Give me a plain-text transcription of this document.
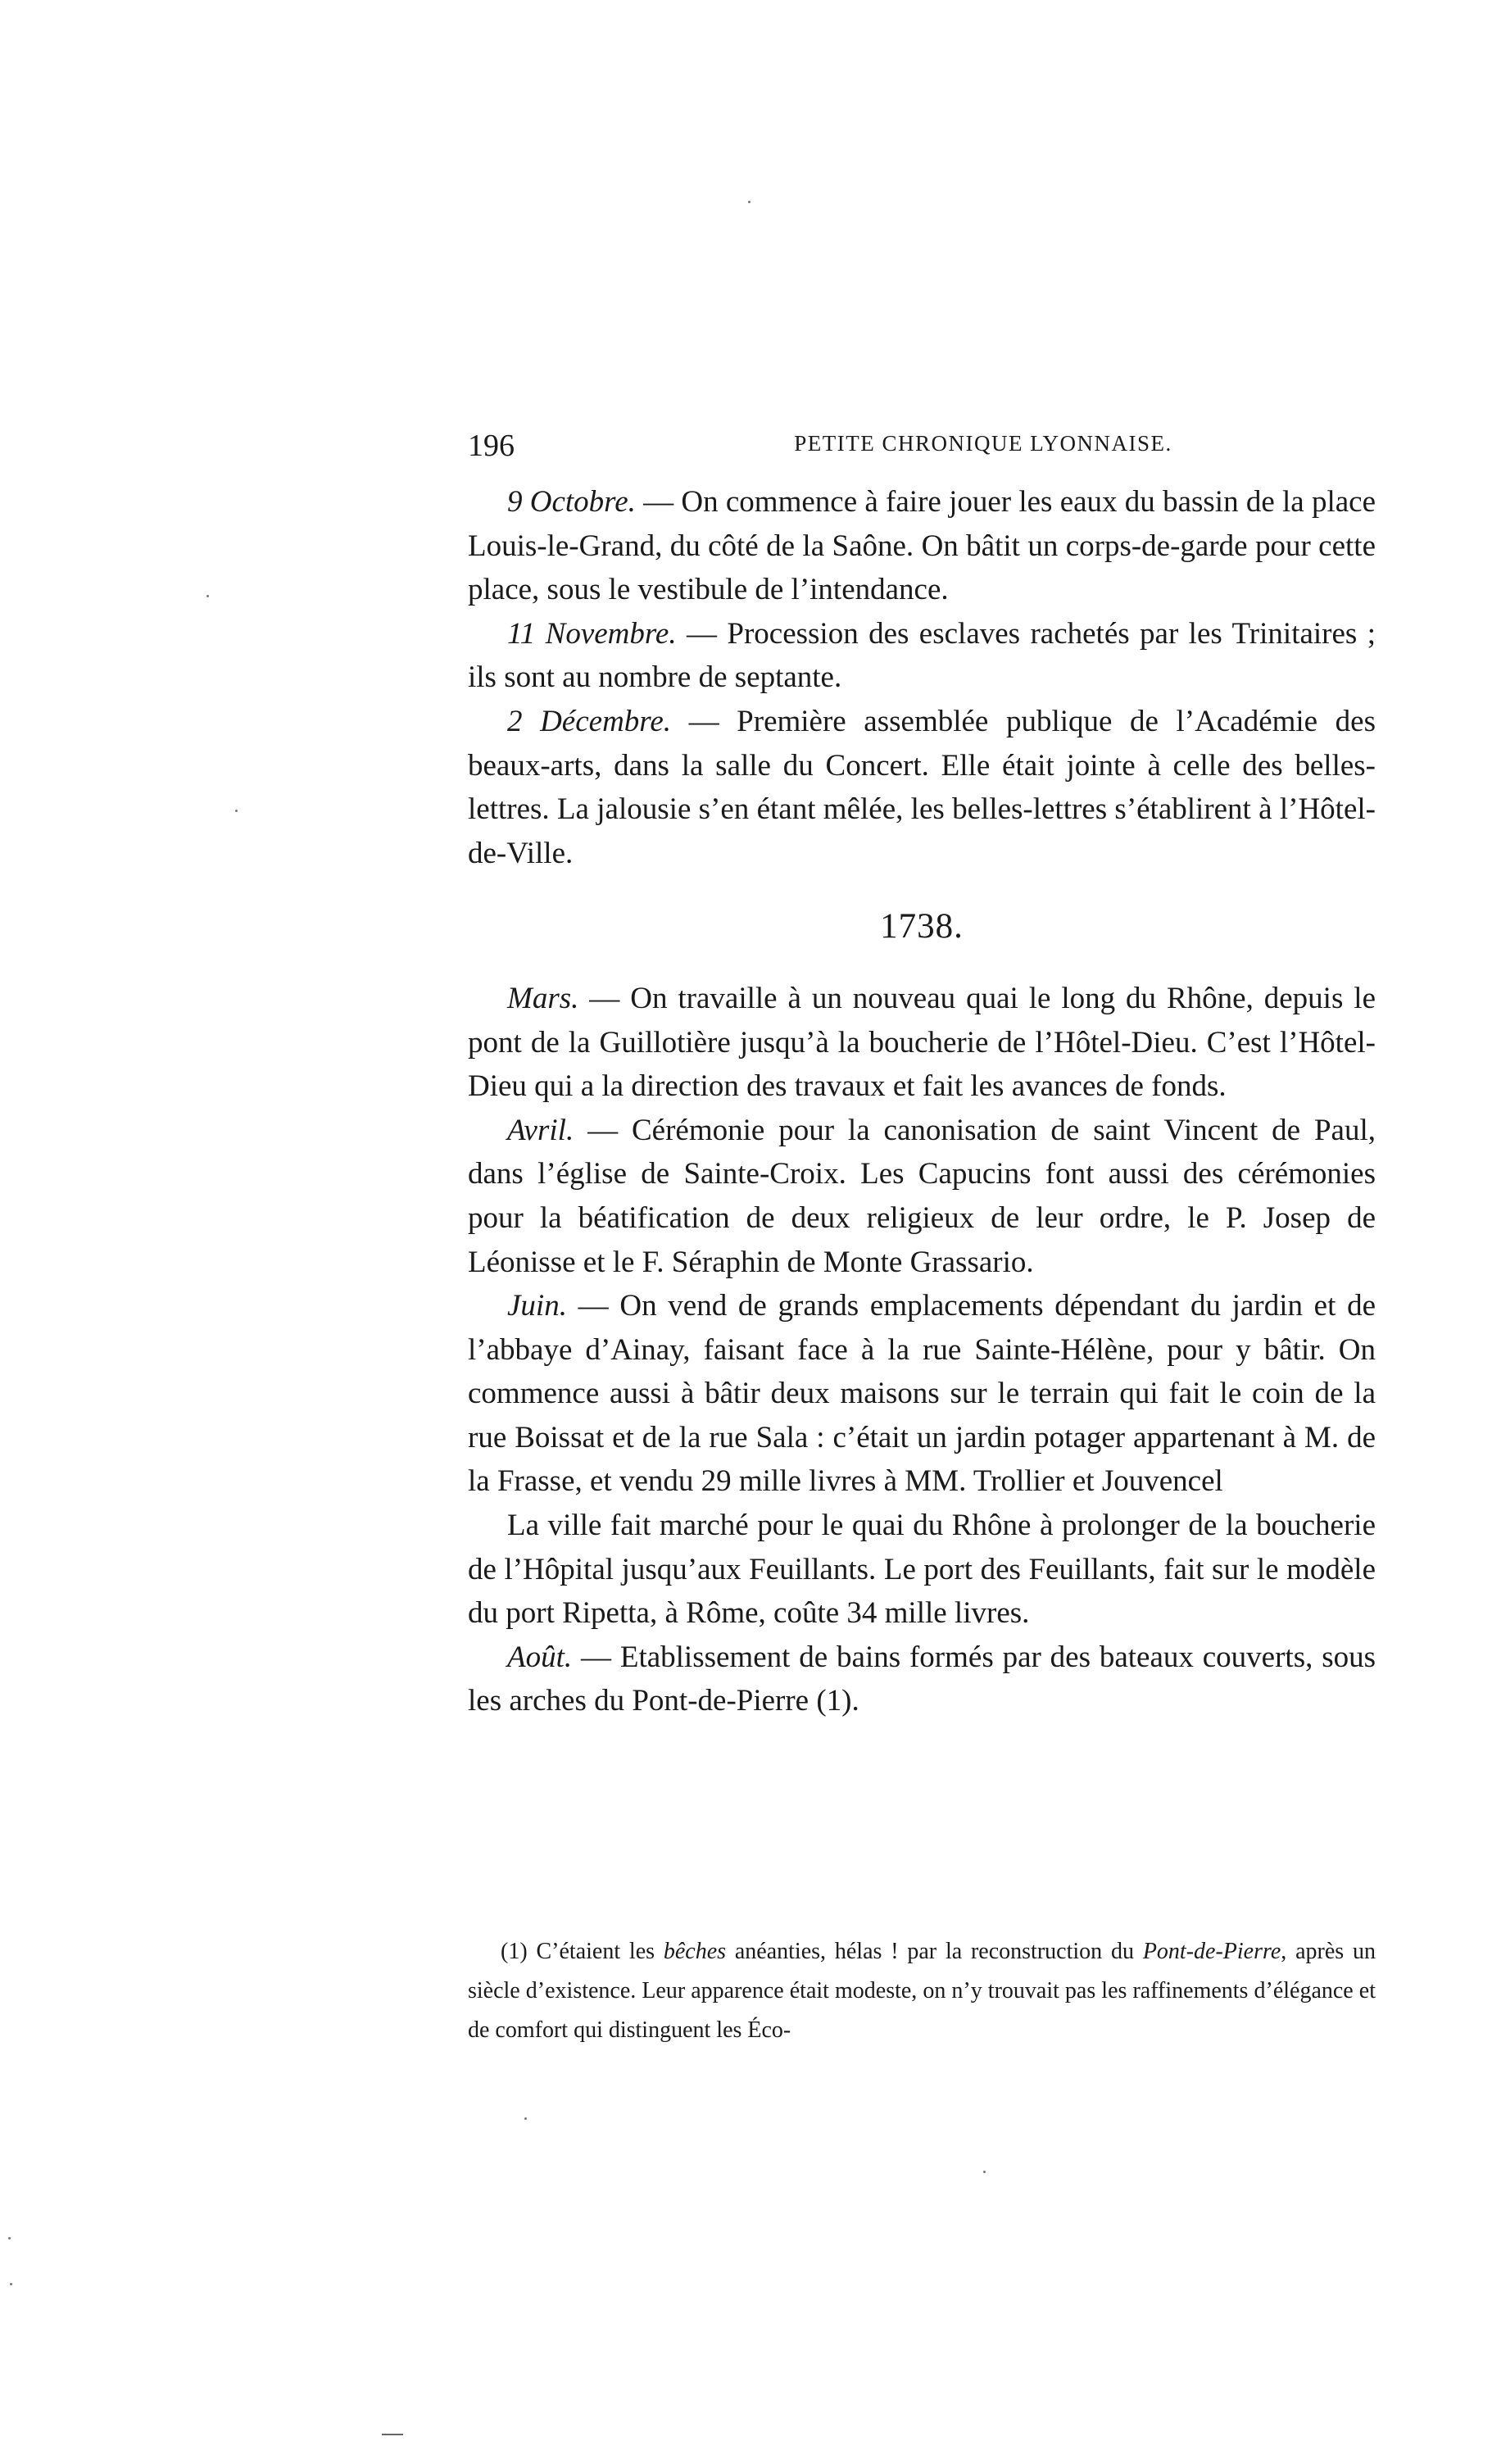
196	PETITE CHRONIQUE LYONNAISE.

9 Octobre. — On commence à faire jouer les eaux du bassin de la place Louis-le-Grand, du côté de la Saône. On bâtit un corps-de-garde pour cette place, sous le vestibule de l’intendance.

11 Novembre. — Procession des esclaves rachetés par les Trinitaires ; ils sont au nombre de septante.

2 Décembre. — Première assemblée publique de l’Académie des beaux-arts, dans la salle du Concert. Elle était jointe à celle des belles-lettres. La jalousie s’en étant mêlée, les belles-lettres s’établirent à l’Hôtel-de-Ville.

1738.

Mars. — On travaille à un nouveau quai le long du Rhône, depuis le pont de la Guillotière jusqu’à la boucherie de l’Hôtel-Dieu. C’est l’Hôtel-Dieu qui a la direction des travaux et fait les avances de fonds.

Avril. — Cérémonie pour la canonisation de saint Vincent de Paul, dans l’église de Sainte-Croix. Les Capucins font aussi des cérémonies pour la béatification de deux religieux de leur ordre, le P. Josep de Léonisse et le F. Séraphin de Monte Grassario.

Juin. — On vend de grands emplacements dépendant du jardin et de l’abbaye d’Ainay, faisant face à la rue Sainte-Hélène, pour y bâtir. On commence aussi à bâtir deux maisons sur le terrain qui fait le coin de la rue Boissat et de la rue Sala : c’était un jardin potager appartenant à M. de la Frasse, et vendu 29 mille livres à MM. Trollier et Jouvencel

La ville fait marché pour le quai du Rhône à prolonger de la boucherie de l’Hôpital jusqu’aux Feuillants. Le port des Feuillants, fait sur le modèle du port Ripetta, à Rôme, coûte 34 mille livres.

Août. — Etablissement de bains formés par des bateaux couverts, sous les arches du Pont-de-Pierre (1).

(1) C’étaient les bêches anéanties, hélas ! par la reconstruction du Pont-de-Pierre, après un siècle d’existence. Leur apparence était modeste, on n’y trouvait pas les raffinements d’élégance et de comfort qui distinguent les Éco-
